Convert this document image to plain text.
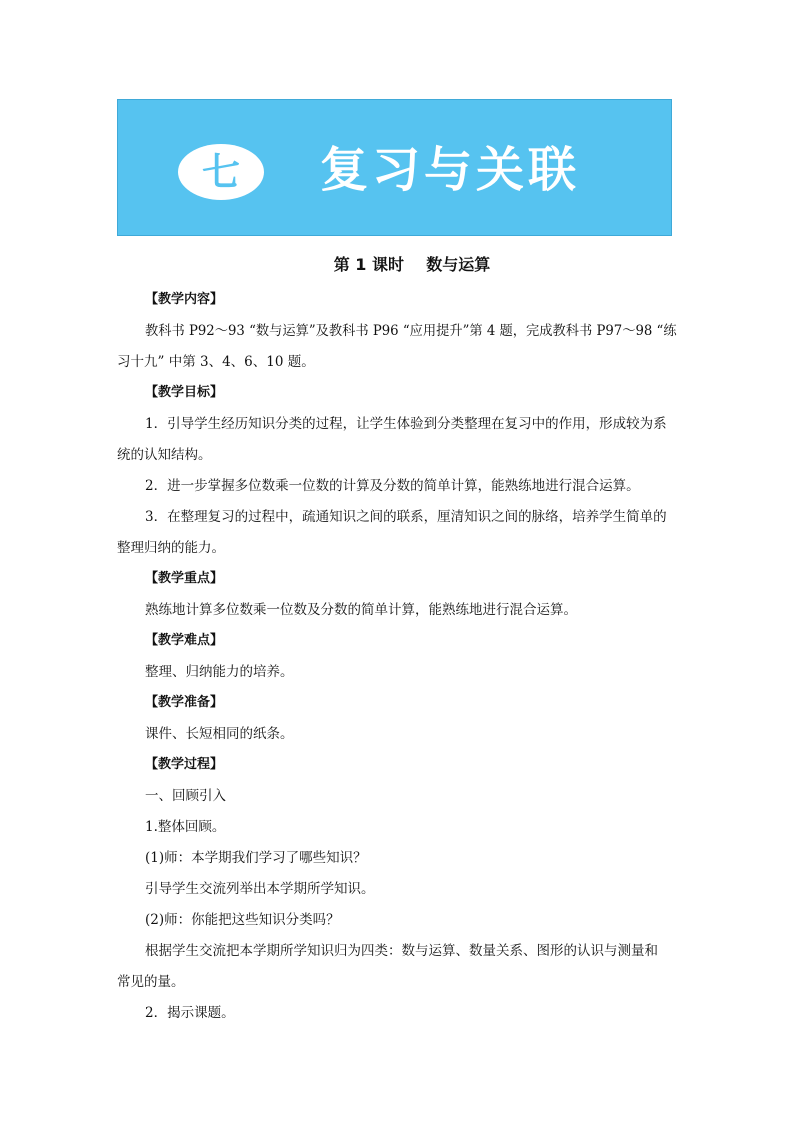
七 复习与关联
第 1 课时    数与运算
【教学内容】
教科书 P92～93 “数与运算”及教科书 P96 “应用提升”第 4 题，完成教科书 P97～98 “练
习十九” 中第 3、4、6、10 题。
【教学目标】
1．引导学生经历知识分类的过程，让学生体验到分类整理在复习中的作用，形成较为系
统的认知结构。
2．进一步掌握多位数乘一位数的计算及分数的简单计算，能熟练地进行混合运算。
3．在整理复习的过程中，疏通知识之间的联系，厘清知识之间的脉络，培养学生简单的
整理归纳的能力。
【教学重点】
熟练地计算多位数乘一位数及分数的简单计算，能熟练地进行混合运算。
【教学难点】
整理、归纳能力的培养。
【教学准备】
课件、长短相同的纸条。
【教学过程】
一、回顾引入
1.整体回顾。
(1)师：本学期我们学习了哪些知识？
引导学生交流列举出本学期所学知识。
(2)师：你能把这些知识分类吗？
根据学生交流把本学期所学知识归为四类：数与运算、数量关系、图形的认识与测量和
常见的量。
2．揭示课题。
